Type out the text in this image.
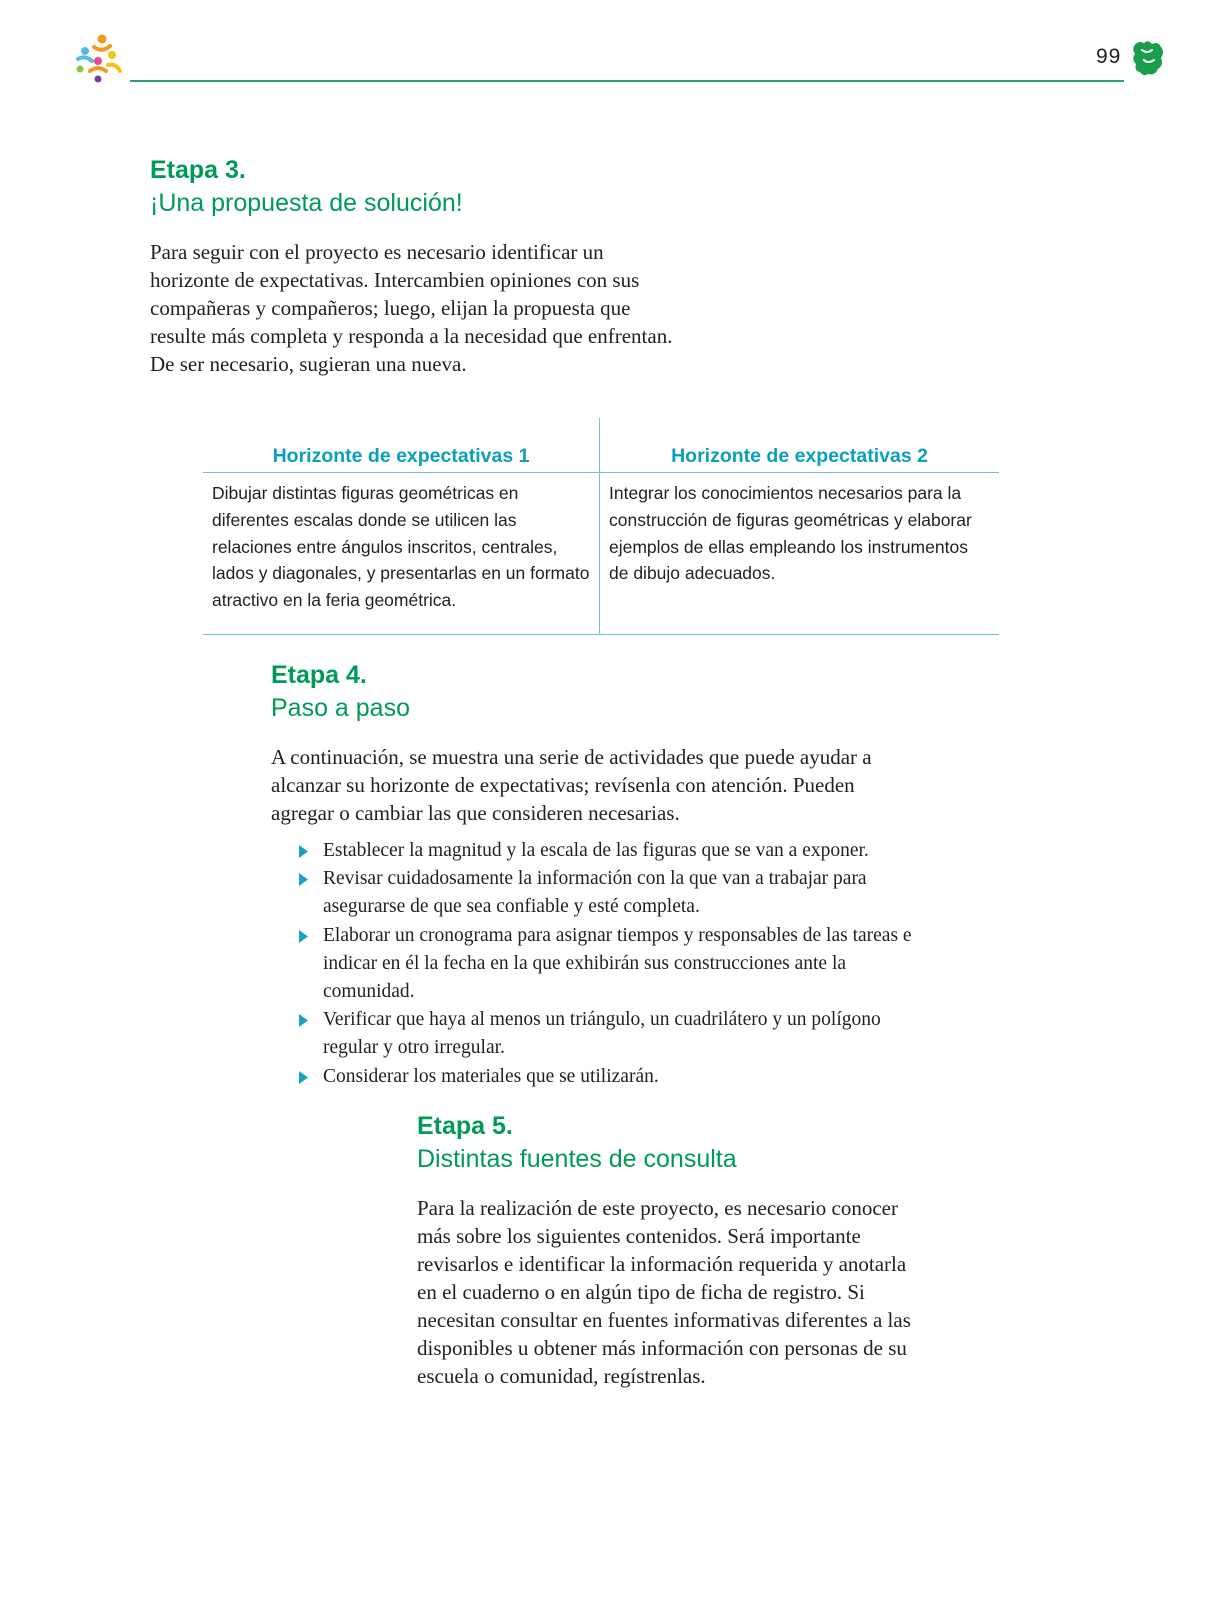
99
Etapa 3.
¡Una propuesta de solución!

Para seguir con el proyecto es necesario identificar un horizonte de expectativas. Intercambien opiniones con sus compañeras y compañeros; luego, elijan la propuesta que resulte más completa y responda a la necesidad que enfrentan. De ser necesario, sugieran una nueva.

Horizonte de expectativas 1	Horizonte de expectativas 2
Dibujar distintas figuras geométricas en diferentes escalas donde se utilicen las relaciones entre ángulos inscritos, centrales, lados y diagonales, y presentarlas en un formato atractivo en la feria geométrica.	Integrar los conocimientos necesarios para la construcción de figuras geométricas y elaborar ejemplos de ellas empleando los instrumentos de dibujo adecuados.
Etapa 4.
Paso a paso

A continuación, se muestra una serie de actividades que puede ayudar a alcanzar su horizonte de expectativas; revísenla con atención. Pueden agregar o cambiar las que consideren necesarias.

Establecer la magnitud y la escala de las figuras que se van a exponer.
Revisar cuidadosamente la información con la que van a trabajar para asegurarse de que sea confiable y esté completa.
Elaborar un cronograma para asignar tiempos y responsables de las tareas e indicar en él la fecha en la que exhibirán sus construcciones ante la comunidad.
Verificar que haya al menos un triángulo, un cuadrilátero y un polígono regular y otro irregular.
Considerar los materiales que se utilizarán.
Etapa 5.
Distintas fuentes de consulta

Para la realización de este proyecto, es necesario conocer más sobre los siguientes contenidos. Será importante revisarlos e identificar la información requerida y anotarla en el cuaderno o en algún tipo de ficha de registro. Si necesitan consultar en fuentes informativas diferentes a las disponibles u obtener más información con personas de su escuela o comunidad, regístrenlas.
